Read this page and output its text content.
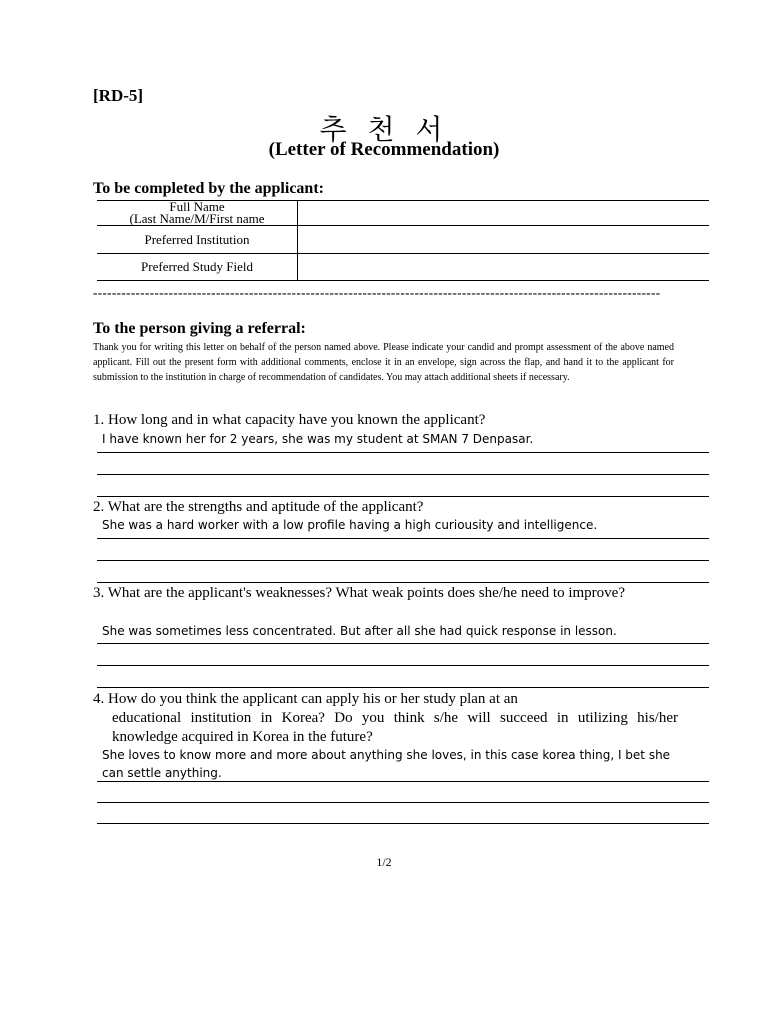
[RD-5]
추 천 서
(Letter of Recommendation)
To be completed by the applicant:
Full Name
(Last Name/M/First name	

Preferred Institution	
Preferred Study Field	
------------------------------------------------------------------------------------------------------------------------
To the person giving a referral:
Thank you for writing this letter on behalf of the person named above. Please indicate your candid and prompt assessment of the above named applicant. Fill out the present form with additional comments, enclose it in an envelope, sign across the flap, and hand it to the applicant for submission to the institution in charge of recommendation of candidates. You may attach additional sheets if necessary.
1. How long and in what capacity have you known the applicant?
I have known her for 2 years, she was my student at SMAN 7 Denpasar.
2. What are the strengths and aptitude of the applicant?
She was a hard worker with a low profile having a high curiousity and intelligence.
3. What are the applicant's weaknesses? What weak points does she/he need to improve?
She was sometimes less concentrated. But after all she had quick response in lesson.
4. How do you think the applicant can apply his or her study plan at an
educational institution in Korea? Do you think s/he will succeed in utilizing his/her knowledge acquired in Korea in the future?
She loves to know more and more about anything she loves, in this case korea thing, I bet she can settle anything.
1/2
